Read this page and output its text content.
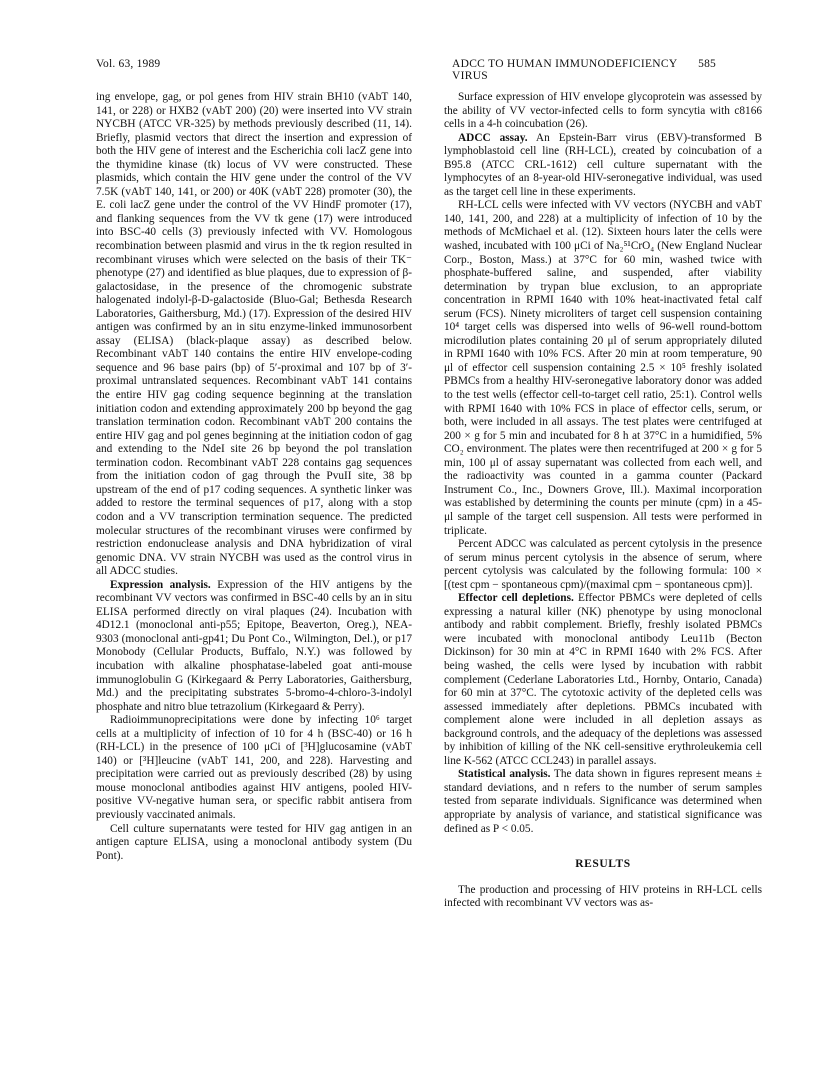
Vol. 63, 1989	ADCC TO HUMAN IMMUNODEFICIENCY VIRUS
585

ing envelope, gag, or pol genes from HIV strain BH10 (vAbT 140, 141, or 228) or HXB2 (vAbT 200) (20) were inserted into VV strain NYCBH (ATCC VR-325) by methods previously described (11, 14). Briefly, plasmid vectors that direct the insertion and expression of both the HIV gene of interest and the Escherichia coli lacZ gene into the thymidine kinase (tk) locus of VV were constructed. These plasmids, which contain the HIV gene under the control of the VV 7.5K (vAbT 140, 141, or 200) or 40K (vAbT 228) promoter (30), the E. coli lacZ gene under the control of the VV HindF promoter (17), and flanking sequences from the VV tk gene (17) were introduced into BSC-40 cells (3) previously infected with VV. Homologous recombination between plasmid and virus in the tk region resulted in recombinant viruses which were selected on the basis of their TK⁻ phenotype (27) and identified as blue plaques, due to expression of β-galactosidase, in the presence of the chromogenic substrate halogenated indolyl-β-D-galactoside (Bluo-Gal; Bethesda Research Laboratories, Gaithersburg, Md.) (17). Expression of the desired HIV antigen was confirmed by an in situ enzyme-linked immunosorbent assay (ELISA) (black-plaque assay) as described below. Recombinant vAbT 140 contains the entire HIV envelope-coding sequence and 96 base pairs (bp) of 5′-proximal and 107 bp of 3′-proximal untranslated sequences. Recombinant vAbT 141 contains the entire HIV gag coding sequence beginning at the translation initiation codon and extending approximately 200 bp beyond the gag translation termination codon. Recombinant vAbT 200 contains the entire HIV gag and pol genes beginning at the initiation codon of gag and extending to the NdeI site 26 bp beyond the pol translation termination codon. Recombinant vAbT 228 contains gag sequences from the initiation codon of gag through the PvuII site, 38 bp upstream of the end of p17 coding sequences. A synthetic linker was added to restore the terminal sequences of p17, along with a stop codon and a VV transcription termination sequence. The predicted molecular structures of the recombinant viruses were confirmed by restriction endonuclease analysis and DNA hybridization of viral genomic DNA. VV strain NYCBH was used as the control virus in all ADCC studies.

Expression analysis. Expression of the HIV antigens by the recombinant VV vectors was confirmed in BSC-40 cells by an in situ ELISA performed directly on viral plaques (24). Incubation with 4D12.1 (monoclonal anti-p55; Epitope, Beaverton, Oreg.), NEA-9303 (monoclonal anti-gp41; Du Pont Co., Wilmington, Del.), or p17 Monobody (Cellular Products, Buffalo, N.Y.) was followed by incubation with alkaline phosphatase-labeled goat anti-mouse immunoglobulin G (Kirkegaard & Perry Laboratories, Gaithersburg, Md.) and the precipitating substrates 5-bromo-4-chloro-3-indolyl phosphate and nitro blue tetrazolium (Kirkegaard & Perry).

Radioimmunoprecipitations were done by infecting 10⁶ target cells at a multiplicity of infection of 10 for 4 h (BSC-40) or 16 h (RH-LCL) in the presence of 100 μCi of [³H]glucosamine (vAbT 140) or [³H]leucine (vAbT 141, 200, and 228). Harvesting and precipitation were carried out as previously described (28) by using mouse monoclonal antibodies against HIV antigens, pooled HIV-positive VV-negative human sera, or specific rabbit antisera from previously vaccinated animals.

Cell culture supernatants were tested for HIV gag antigen in an antigen capture ELISA, using a monoclonal antibody system (Du Pont).

Surface expression of HIV envelope glycoprotein was assessed by the ability of VV vector-infected cells to form syncytia with c8166 cells in a 4-h coincubation (26).

ADCC assay. An Epstein-Barr virus (EBV)-transformed B lymphoblastoid cell line (RH-LCL), created by coincubation of a B95.8 (ATCC CRL-1612) cell culture supernatant with the lymphocytes of an 8-year-old HIV-seronegative individual, was used as the target cell line in these experiments.

RH-LCL cells were infected with VV vectors (NYCBH and vAbT 140, 141, 200, and 228) at a multiplicity of infection of 10 by the methods of McMichael et al. (12). Sixteen hours later the cells were washed, incubated with 100 μCi of Na₂⁵¹CrO₄ (New England Nuclear Corp., Boston, Mass.) at 37°C for 60 min, washed twice with phosphate-buffered saline, and suspended, after viability determination by trypan blue exclusion, to an appropriate concentration in RPMI 1640 with 10% heat-inactivated fetal calf serum (FCS). Ninety microliters of target cell suspension containing 10⁴ target cells was dispersed into wells of 96-well round-bottom microdilution plates containing 20 μl of serum appropriately diluted in RPMI 1640 with 10% FCS. After 20 min at room temperature, 90 μl of effector cell suspension containing 2.5 × 10⁵ freshly isolated PBMCs from a healthy HIV-seronegative laboratory donor was added to the test wells (effector cell-to-target cell ratio, 25:1). Control wells with RPMI 1640 with 10% FCS in place of effector cells, serum, or both, were included in all assays. The test plates were centrifuged at 200 × g for 5 min and incubated for 8 h at 37°C in a humidified, 5% CO₂ environment. The plates were then recentrifuged at 200 × g for 5 min, 100 μl of assay supernatant was collected from each well, and the radioactivity was counted in a gamma counter (Packard Instrument Co., Inc., Downers Grove, Ill.). Maximal incorporation was established by determining the counts per minute (cpm) in a 45-μl sample of the target cell suspension. All tests were performed in triplicate.

Percent ADCC was calculated as percent cytolysis in the presence of serum minus percent cytolysis in the absence of serum, where percent cytolysis was calculated by the following formula: 100 × [(test cpm − spontaneous cpm)/(maximal cpm − spontaneous cpm)].

Effector cell depletions. Effector PBMCs were depleted of cells expressing a natural killer (NK) phenotype by using monoclonal antibody and rabbit complement. Briefly, freshly isolated PBMCs were incubated with monoclonal antibody Leu11b (Becton Dickinson) for 30 min at 4°C in RPMI 1640 with 2% FCS. After being washed, the cells were lysed by incubation with rabbit complement (Cederlane Laboratories Ltd., Hornby, Ontario, Canada) for 60 min at 37°C. The cytotoxic activity of the depleted cells was assessed immediately after depletions. PBMCs incubated with complement alone were included in all depletion assays as background controls, and the adequacy of the depletions was assessed by inhibition of killing of the NK cell-sensitive erythroleukemia cell line K-562 (ATCC CCL243) in parallel assays.

Statistical analysis. The data shown in figures represent means ± standard deviations, and n refers to the number of serum samples tested from separate individuals. Significance was determined when appropriate by analysis of variance, and statistical significance was defined as P < 0.05.

RESULTS

The production and processing of HIV proteins in RH-LCL cells infected with recombinant VV vectors was as-
